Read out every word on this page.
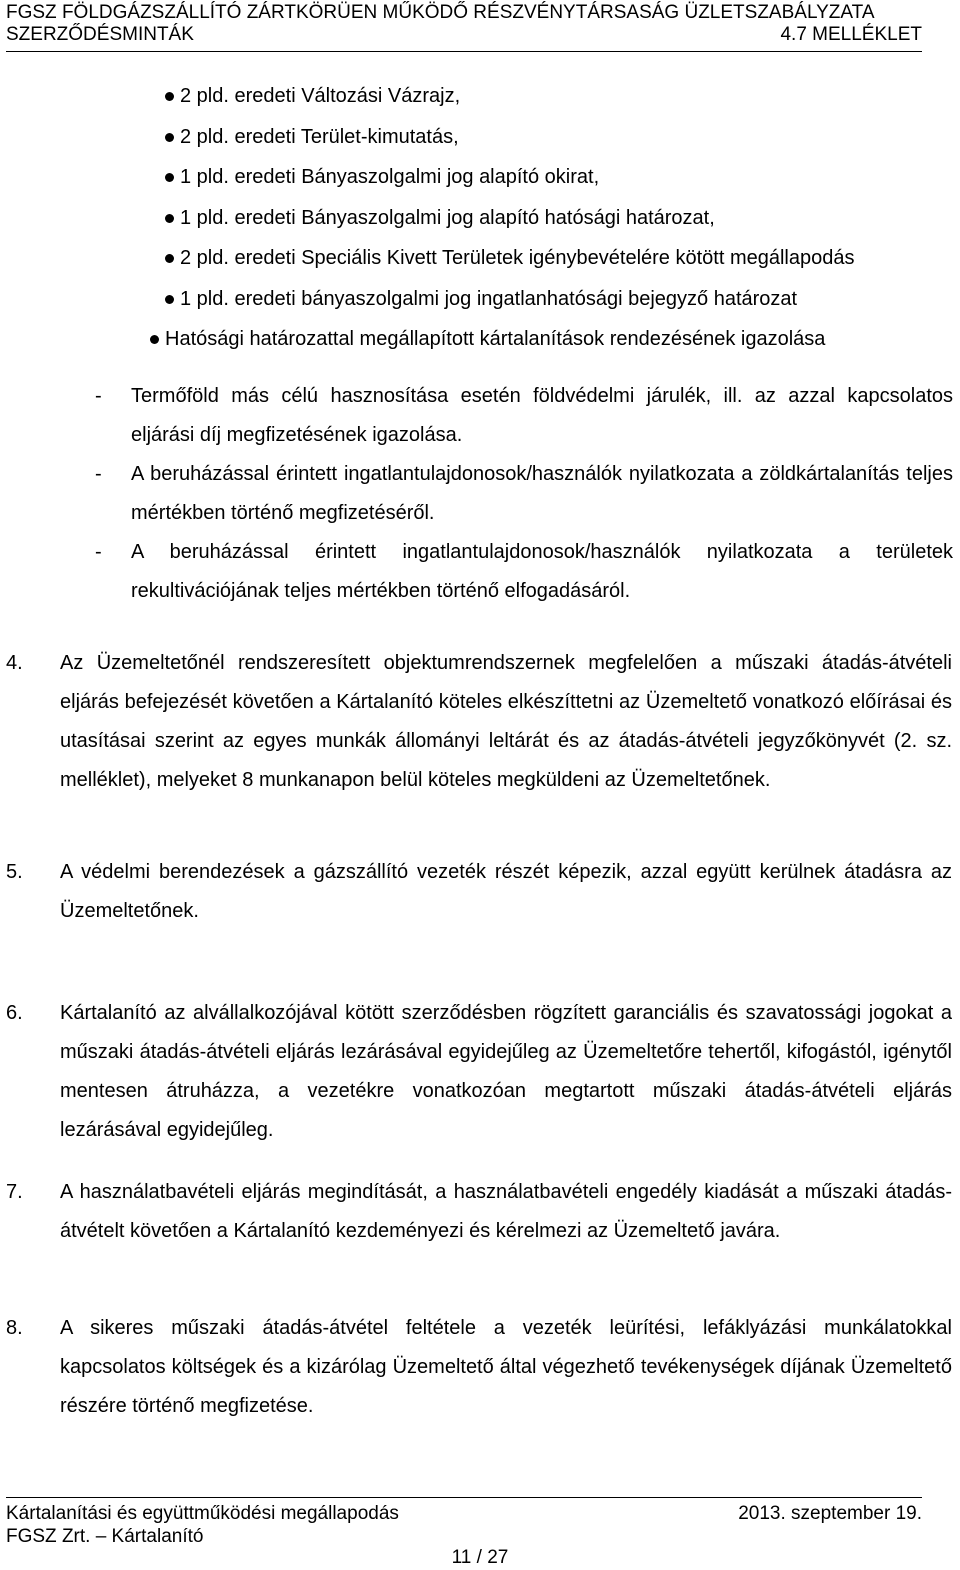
FGSZ FÖLDGÁZSZÁLLÍTÓ ZÁRTKÖRÜEN MŰKÖDŐ RÉSZVÉNYTÁRSASÁG ÜZLETSZABÁLYZATA
SZERZŐDÉSMINTÁK	4.7 MELLÉKLET
2 pld. eredeti Változási Vázrajz,
2 pld. eredeti Terület-kimutatás,
1 pld. eredeti Bányaszolgalmi jog alapító okirat,
1 pld. eredeti Bányaszolgalmi jog alapító hatósági határozat,
2 pld. eredeti Speciális Kivett Területek igénybevételére kötött megállapodás
1 pld. eredeti bányaszolgalmi jog ingatlanhatósági bejegyző határozat
Hatósági határozattal megállapított kártalanítások rendezésének igazolása
- Termőföld más célú hasznosítása esetén földvédelmi járulék, ill. az azzal kapcsolatos eljárási díj megfizetésének igazolása.
- A beruházással érintett ingatlantulajdonosok/használók nyilatkozata a zöldkártalanítás teljes mértékben történő megfizetéséről.
- A beruházással érintett ingatlantulajdonosok/használók nyilatkozata a területek rekultivációjának teljes mértékben történő elfogadásáról.
4. Az Üzemeltetőnél rendszeresített objektumrendszernek megfelelően a műszaki átadás-átvételi eljárás befejezését követően a Kártalanító köteles elkészíttetni az Üzemeltető vonatkozó előírásai és utasításai szerint az egyes munkák állományi leltárát és az átadás-átvételi jegyzőkönyvét (2. sz. melléklet), melyeket 8 munkanapon belül köteles megküldeni az Üzemeltetőnek.
5. A védelmi berendezések a gázszállító vezeték részét képezik, azzal együtt kerülnek átadásra az Üzemeltetőnek.
6. Kártalanító az alvállalkozójával kötött szerződésben rögzített garanciális és szavatossági jogokat a műszaki átadás-átvételi eljárás lezárásával egyidejűleg az Üzemeltetőre tehertől, kifogástól, igénytől mentesen átruházza, a vezetékre vonatkozóan megtartott műszaki átadás-átvételi eljárás lezárásával egyidejűleg.
7. A használatbavételi eljárás megindítását, a használatbavételi engedély kiadását a műszaki átadás-átvételt követően a Kártalanító kezdeményezi és kérelmezi az Üzemeltető javára.
8. A sikeres műszaki átadás-átvétel feltétele a vezeték leürítési, lefáklyázási munkálatokkal kapcsolatos költségek és a kizárólag Üzemeltető által végezhető tevékenységek díjának Üzemeltető részére történő megfizetése.
Kártalanítási és együttműködési megállapodás
FGSZ Zrt. – Kártalanító
2013. szeptember 19.
11 / 27
